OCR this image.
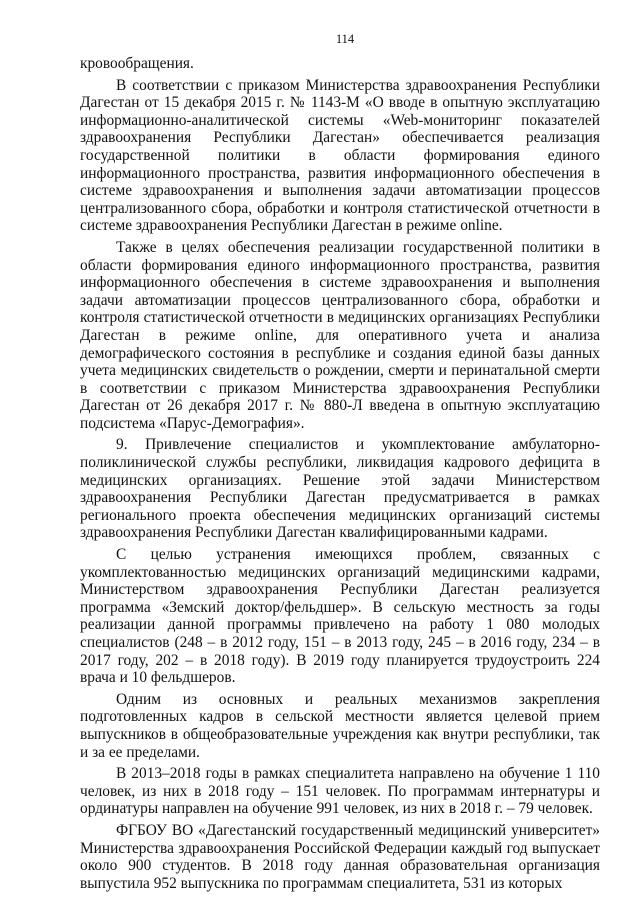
114

кровообращения.

В соответствии с приказом Министерства здравоохранения Республики Дагестан от 15 декабря 2015 г. № 1143-М «О вводе в опытную эксплуатацию информационно-аналитической системы «Web-мониторинг показателей здравоохранения Республики Дагестан» обеспечивается реализация государственной политики в области формирования единого информационного пространства, развития информационного обеспечения в системе здравоохранения и выполнения задачи автоматизации процессов централизованного сбора, обработки и контроля статистической отчетности в системе здравоохранения Республики Дагестан в режиме online.

Также в целях обеспечения реализации государственной политики в области формирования единого информационного пространства, развития информационного обеспечения в системе здравоохранения и выполнения задачи автоматизации процессов централизованного сбора, обработки и контроля статистической отчетности в медицинских организациях Республики Дагестан в режиме online, для оперативного учета и анализа демографического состояния в республике и создания единой базы данных учета медицинских свидетельств о рождении, смерти и перинатальной смерти в соответствии с приказом Министерства здравоохранения Республики Дагестан от 26 декабря 2017 г. № 880-Л введена в опытную эксплуатацию подсистема «Парус-Демография».

9. Привлечение специалистов и укомплектование амбулаторно-поликлинической службы республики, ликвидация кадрового дефицита в медицинских организациях. Решение этой задачи Министерством здравоохранения Республики Дагестан предусматривается в рамках регионального проекта обеспечения медицинских организаций системы здравоохранения Республики Дагестан квалифицированными кадрами.

С целью устранения имеющихся проблем, связанных с укомплектованностью медицинских организаций медицинскими кадрами, Министерством здравоохранения Республики Дагестан реализуется программа «Земский доктор/фельдшер». В сельскую местность за годы реализации данной программы привлечено на работу 1 080 молодых специалистов (248 – в 2012 году, 151 – в 2013 году, 245 – в 2016 году, 234 – в 2017 году, 202 – в 2018 году). В 2019 году планируется трудоустроить 224 врача и 10 фельдшеров.

Одним из основных и реальных механизмов закрепления подготовленных кадров в сельской местности является целевой прием выпускников в общеобразовательные учреждения как внутри республики, так и за ее пределами.

В 2013–2018 годы в рамках специалитета направлено на обучение 1 110 человек, из них в 2018 году – 151 человек. По программам интернатуры и ординатуры направлен на обучение 991 человек, из них в 2018 г. – 79 человек.

ФГБОУ ВО «Дагестанский государственный медицинский университет» Министерства здравоохранения Российской Федерации каждый год выпускает около 900 студентов. В 2018 году данная образовательная организация выпустила 952 выпускника по программам специалитета, 531 из которых
